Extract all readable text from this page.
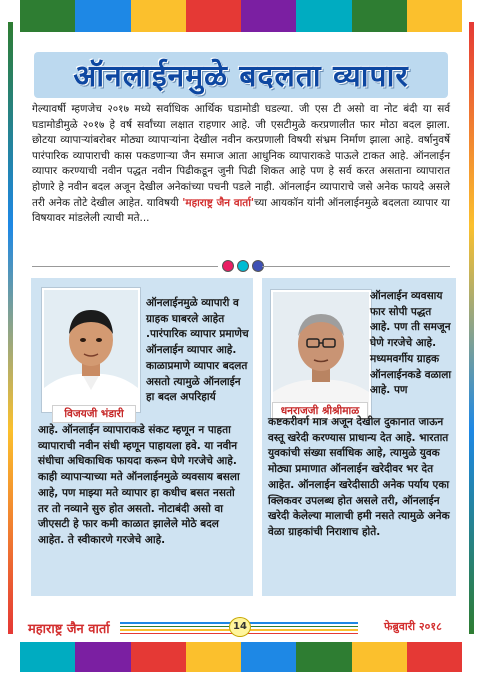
ऑनलाईनमुळे बदलता व्यापार
गेल्यावर्षी म्हणजेच २०१७ मध्ये सर्वाधिक आर्थिक घडामोडी घडल्या. जी एस टी असो वा नोट बंदी या सर्व घडामोडीमुळे २०१७ हे वर्ष सर्वांच्या लक्षात राहणार आहे. जी एसटीमुळे करप्रणालीत फार मोठा बदल झाला. छोटया व्यापाऱ्यांबरोबर मोठ्या व्यापाऱ्यांना देखील नवीन करप्रणाली विषयी संभ्रम निर्माण झाला आहे. वर्षानुवर्षे पारंपारिक व्यापाराची कास पकडणाऱ्या जैन समाज आता आधुनिक व्यापाराकडे पाऊले टाकत आहे. ऑनलाईन व्यापार करण्याची नवीन पद्धत नवीन पिढीकडून जुनी पिढी शिकत आहे पण हे सर्व करत असताना व्यापारात होणारे हे नवीन बदल अजून देखील अनेकांच्या पचनी पडले नाही. ऑनलाईन व्यापाराचे जसे अनेक फायदे असले तरी अनेक तोटे देखील आहेत. याविषयी 'महाराष्ट्र जैन वार्ता'च्या आयकॉन यांनी ऑनलाईनमुळे बदलता व्यापार या विषयावर मांडलेली त्याची मते...
विजयजी भंडारी	धनराजजी श्रीश्रीमाळ
ऑनलाईनमुळे व्यापारी व ग्राहक घाबरले आहेत .पारंपारिक व्यापार प्रमाणेच ऑनलाईन व्यापार आहे. काळाप्रमाणे व्यापार बदलत असतो त्यामुळे ऑनलाईन हा बदल अपरिहार्य
आहे. ऑनलाईन व्यापाराकडे संकट म्हणून न पाहता व्यापाराची नवीन संधी म्हणून पाहायला हवे. या नवीन संधीचा अधिकाधिक फायदा करून घेणे गरजेचे आहे. काही व्यापाऱ्याच्या मते ऑनलाईनमुळे व्यवसाय बसला आहे, पण माझ्या मते व्यापार हा कधीच बसत नसतो तर तो नव्याने सुरु होत असतो. नोटाबंदी असो वा जीएसटी हे फार कमी काळात झालेले मोठे बदल आहेत. ते स्वीकारणे गरजेचे आहे.
ऑनलाईन व्यवसाय फार सोपी पद्धत आहे. पण ती समजून घेणे गरजेचे आहे. मध्यमवर्गीय ग्राहक ऑनलाईनकडे वळाला आहे. पण
कष्टकरीवर्ग मात्र अजून देखील दुकानात जाऊन वस्तू खरेदी करण्यास प्राधान्य देत आहे. भारतात युवकांची संख्या सर्वाधिक आहे, त्यामुळे युवक मोठ्या प्रमाणात ऑनलाईन खरेदीवर भर देत आहेत. ऑनलाईन खरेदीसाठी अनेक पर्याय एका क्लिकवर उपलब्ध होत असले तरी, ऑनलाईन खरेदी केलेल्या मालाची हमी नसते त्यामुळे अनेक वेळा ग्राहकांची निराशाच होते.
महाराष्ट्र जैन वार्ता	14	फेब्रुवारी २०१८
